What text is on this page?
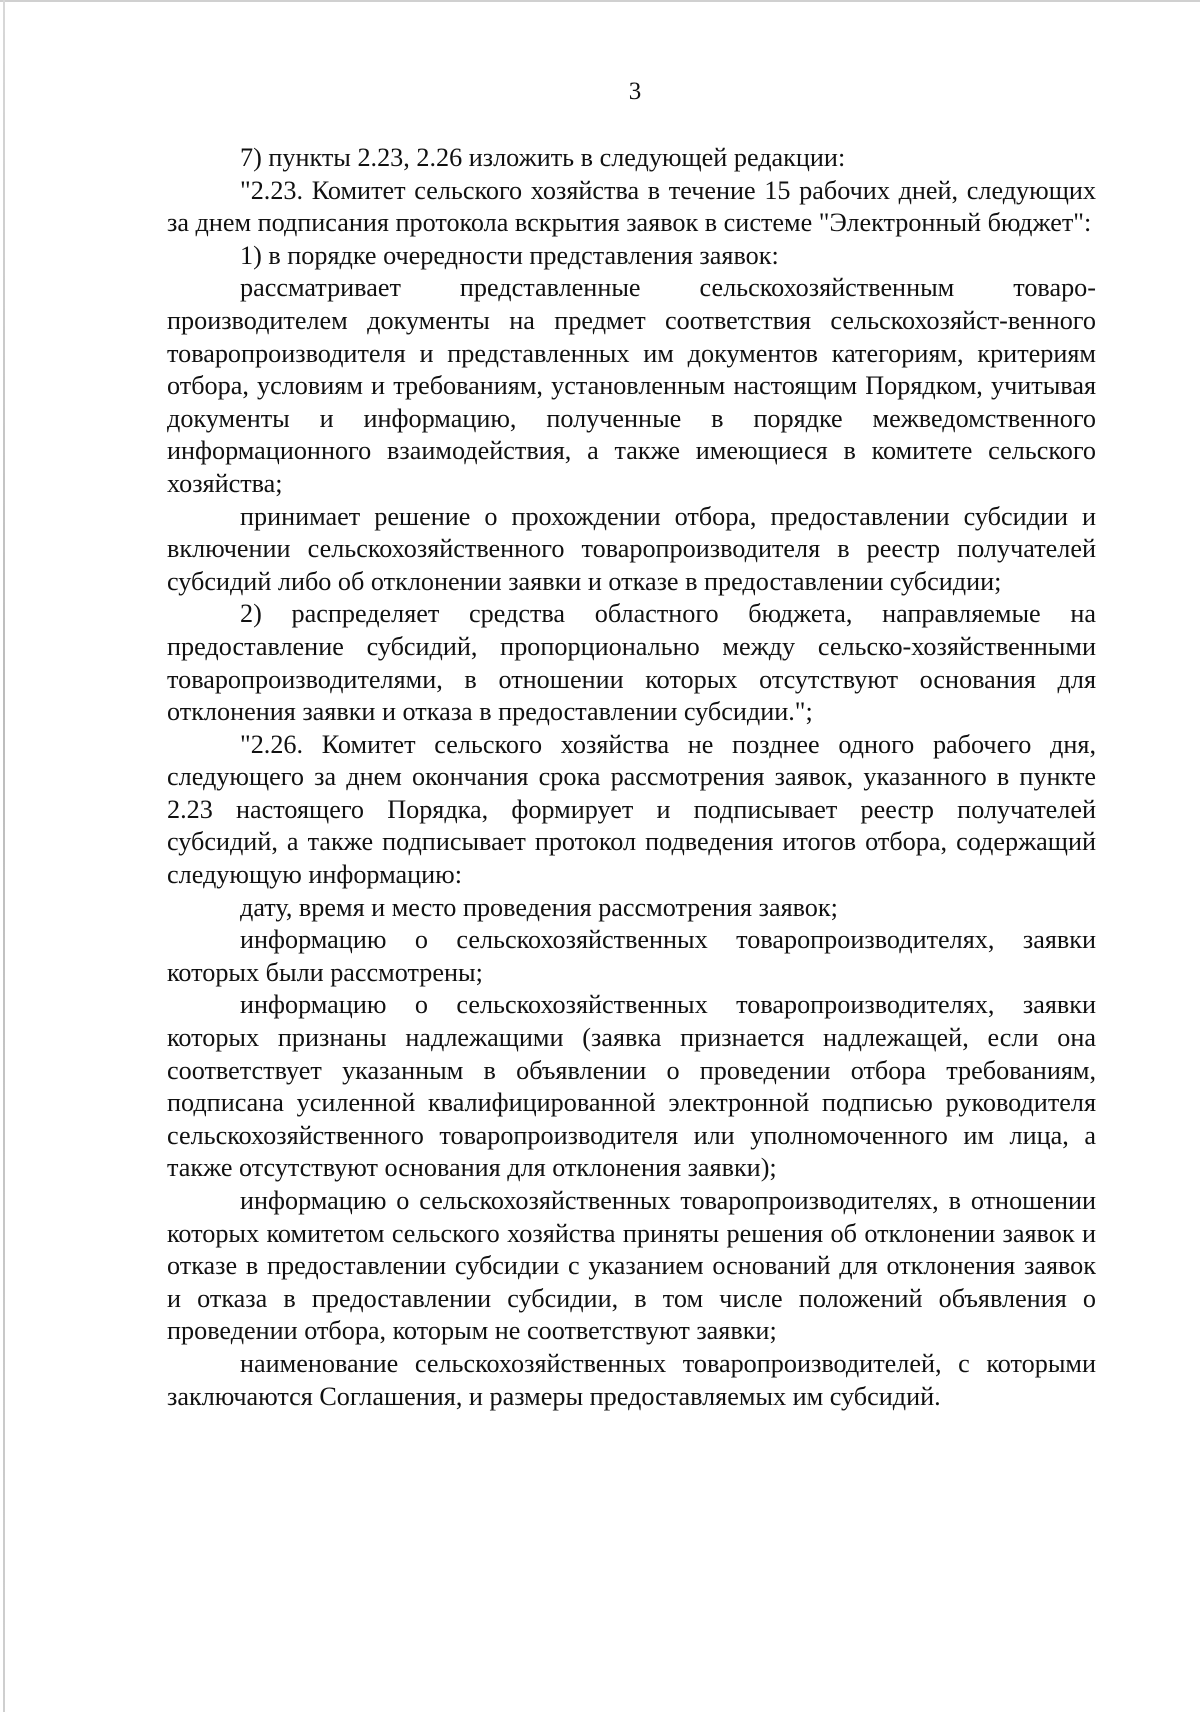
3

7) пункты 2.23, 2.26 изложить в следующей редакции:

"2.23. Комитет сельского хозяйства в течение 15 рабочих дней, следующих за днем подписания протокола вскрытия заявок в системе "Электронный бюджет":

1) в порядке очередности представления заявок:

рассматривает представленные сельскохозяйственным товаро-производителем документы на предмет соответствия сельскохозяйст-венного товаропроизводителя и представленных им документов категориям, критериям отбора, условиям и требованиям, установленным настоящим Порядком, учитывая документы и информацию, полученные в порядке межведомственного информационного взаимодействия, а также имеющиеся в комитете сельского хозяйства;

принимает решение о прохождении отбора, предоставлении субсидии и включении сельскохозяйственного товаропроизводителя в реестр получателей субсидий либо об отклонении заявки и отказе в предоставлении субсидии;

2) распределяет средства областного бюджета, направляемые на предоставление субсидий, пропорционально между сельско-хозяйственными товаропроизводителями, в отношении которых отсутствуют основания для отклонения заявки и отказа в предоставлении субсидии.";

"2.26. Комитет сельского хозяйства не позднее одного рабочего дня, следующего за днем окончания срока рассмотрения заявок, указанного в пункте 2.23 настоящего Порядка, формирует и подписывает реестр получателей субсидий, а также подписывает протокол подведения итогов отбора, содержащий следующую информацию:

дату, время и место проведения рассмотрения заявок;

информацию о сельскохозяйственных товаропроизводителях, заявки которых были рассмотрены;

информацию о сельскохозяйственных товаропроизводителях, заявки которых признаны надлежащими (заявка признается надлежащей, если она соответствует указанным в объявлении о проведении отбора требованиям, подписана усиленной квалифицированной электронной подписью руководителя сельскохозяйственного товаропроизводителя или уполномоченного им лица, а также отсутствуют основания для отклонения заявки);

информацию о сельскохозяйственных товаропроизводителях, в отношении которых комитетом сельского хозяйства приняты решения об отклонении заявок и отказе в предоставлении субсидии с указанием оснований для отклонения заявок и отказа в предоставлении субсидии, в том числе положений объявления о проведении отбора, которым не соответствуют заявки;

наименование сельскохозяйственных товаропроизводителей, с которыми заключаются Соглашения, и размеры предоставляемых им субсидий.
